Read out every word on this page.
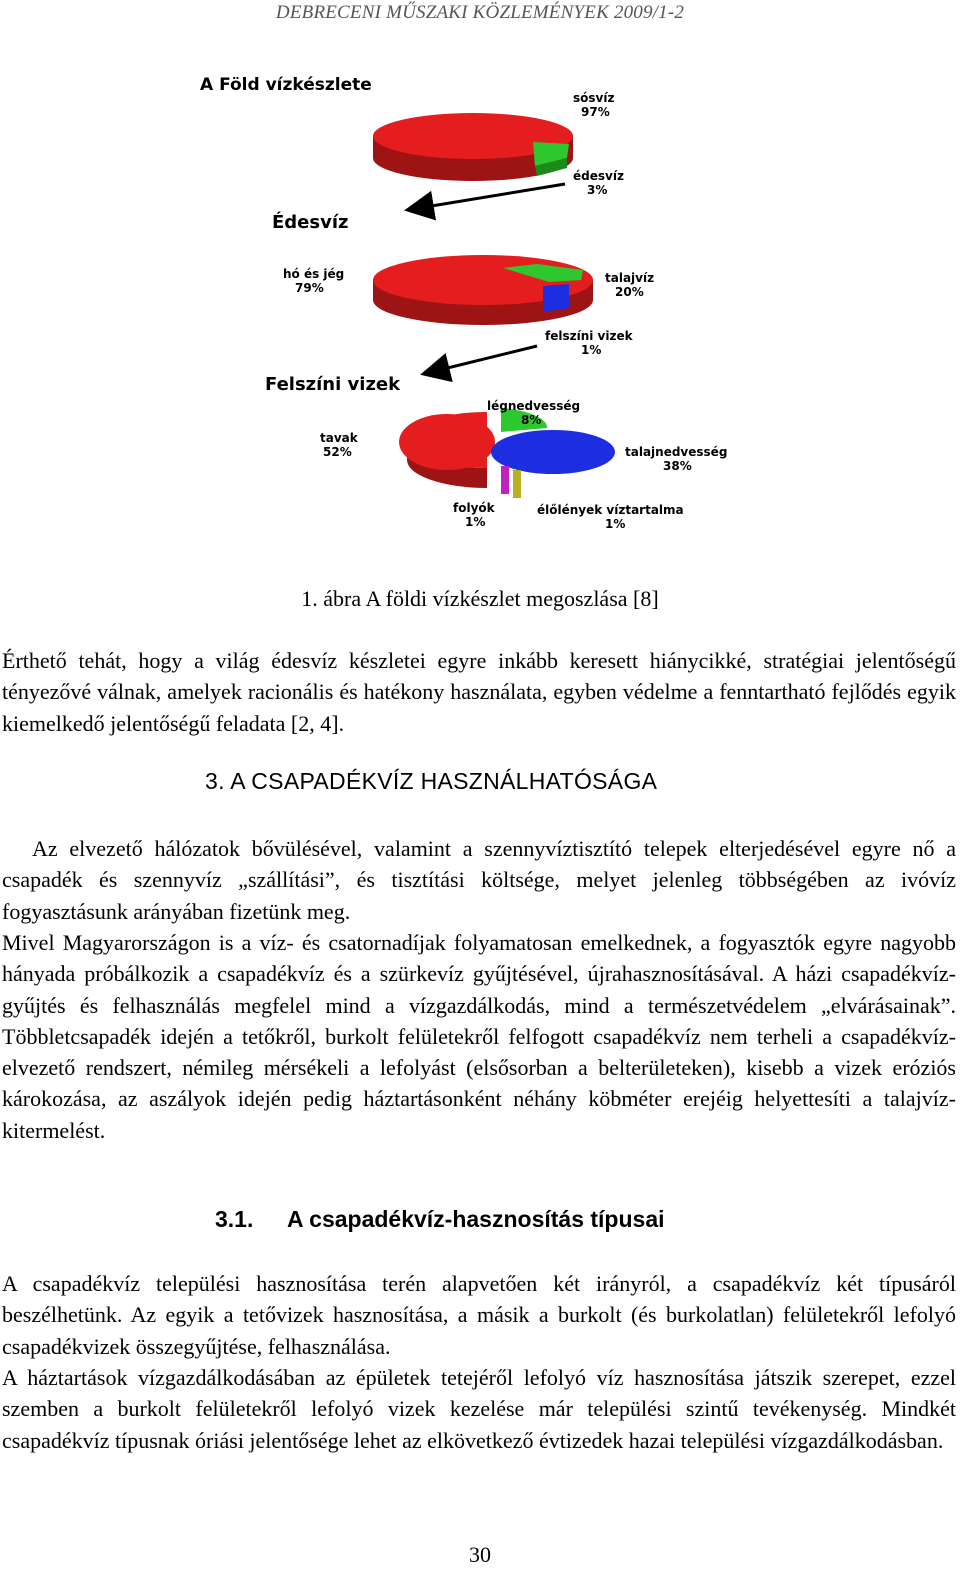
DEBRECENI MŰSZAKI KÖZLEMÉNYEK 2009/1-2
A Föld vízkészlete
sósvíz
97%
édesvíz
3%
Édesvíz
hó és jég
79%
talajvíz
20%
felszíni vizek
1%
Felszíni vizek
légnedvesség
8%
tavak
52%	talajnedvesség
38%
folyók
1%
élőlények víztartalma
1%
1. ábra A földi vízkészlet megoszlása [8]

Érthető tehát, hogy a világ édesvíz készletei egyre inkább keresett hiánycikké, stratégiai jelentőségű tényezővé válnak, amelyek racionális és hatékony használata, egyben védelme a fenntartható fejlődés egyik kiemelkedő jelentőségű feladata [2, 4].

3. A CSAPADÉKVÍZ HASZNÁLHATÓSÁGA

Az elvezető hálózatok bővülésével, valamint a szennyvíztisztító telepek elterjedésével egyre nő a csapadék és szennyvíz „szállítási”, és tisztítási költsége, melyet jelenleg többségében az ivóvíz fogyasztásunk arányában fizetünk meg.

Mivel Magyarországon is a víz- és csatornadíjak folyamatosan emelkednek, a fogyasztók egyre nagyobb hányada próbálkozik a csapadékvíz és a szürkevíz gyűjtésével, újrahasznosításával. A házi csapadékvíz-gyűjtés és felhasználás megfelel mind a vízgazdálkodás, mind a természetvédelem „elvárásainak”. Többletcsapadék idején a tetőkről, burkolt felületekről felfogott csapadékvíz nem terheli a csapadékvíz-elvezető rendszert, némileg mérsékeli a lefolyást (elsősorban a belterületeken), kisebb a vizek eróziós károkozása, az aszályok idején pedig háztartásonként néhány köbméter erejéig helyettesíti a talajvíz-kitermelést.

3.1. A csapadékvíz-hasznosítás típusai

A csapadékvíz települési hasznosítása terén alapvetően két irányról, a csapadékvíz két típusáról beszélhetünk. Az egyik a tetővizek hasznosítása, a másik a burkolt (és burkolatlan) felületekről lefolyó csapadékvizek összegyűjtése, felhasználása.

A háztartások vízgazdálkodásában az épületek tetejéről lefolyó víz hasznosítása játszik szerepet, ezzel szemben a burkolt felületekről lefolyó vizek kezelése már települési szintű tevékenység. Mindkét csapadékvíz típusnak óriási jelentősége lehet az elkövetkező évtizedek hazai települési vízgazdálkodásban.

30
